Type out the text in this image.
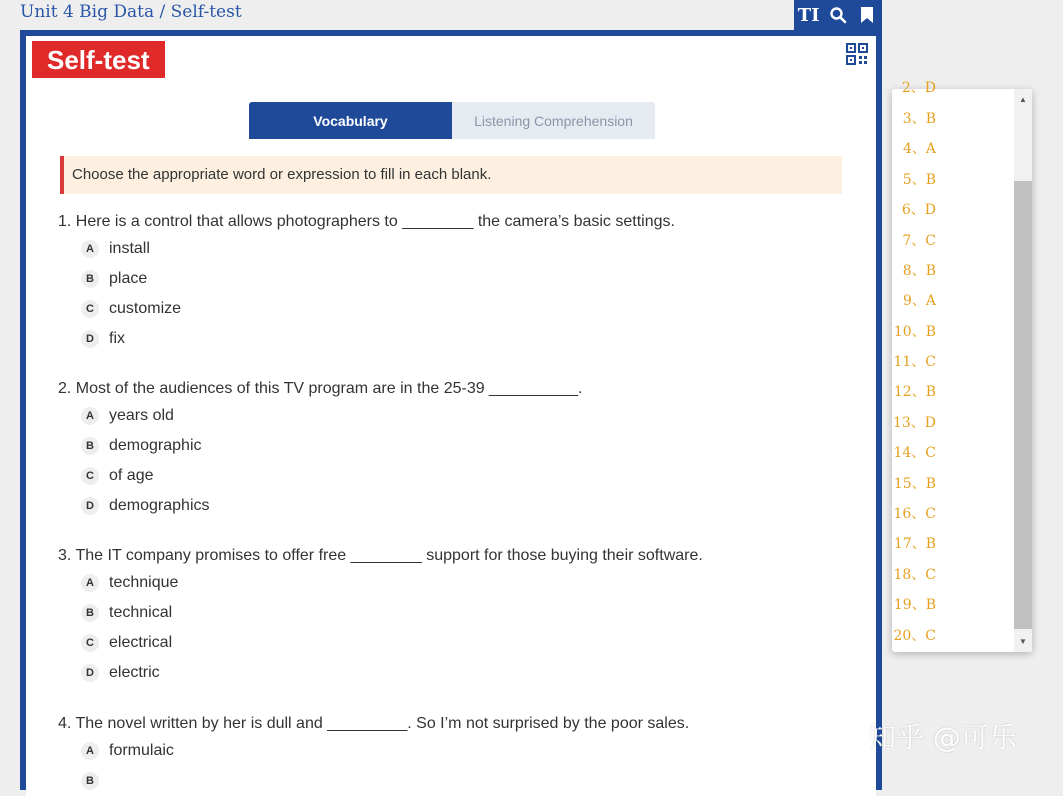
Unit 4 Big Data / Self-test	TI
Self-test
Vocabulary	Listening Comprehension
Choose the appropriate word or expression to fill in each blank.
1. Here is a control that allows photographers to ________ the camera’s basic settings.
A install
B place
C customize
D fix
2. Most of the audiences of this TV program are in the 25-39 __________.
A years old
B demographic
C of age
D demographics
3. The IT company promises to offer free ________ support for those buying their software.
A technique
B technical
C electrical
D electric
4. The novel written by her is dull and _________. So I’m not surprised by the poor sales.
A formulaic
B
2、D
3、B
4、A
5、B
6、D
7、C
8、B
9、A
10、B
11、C
12、B
13、D
14、C
15、B
16、C
17、B
18、C
19、B
20、C
▲
▼
知乎 @可乐
